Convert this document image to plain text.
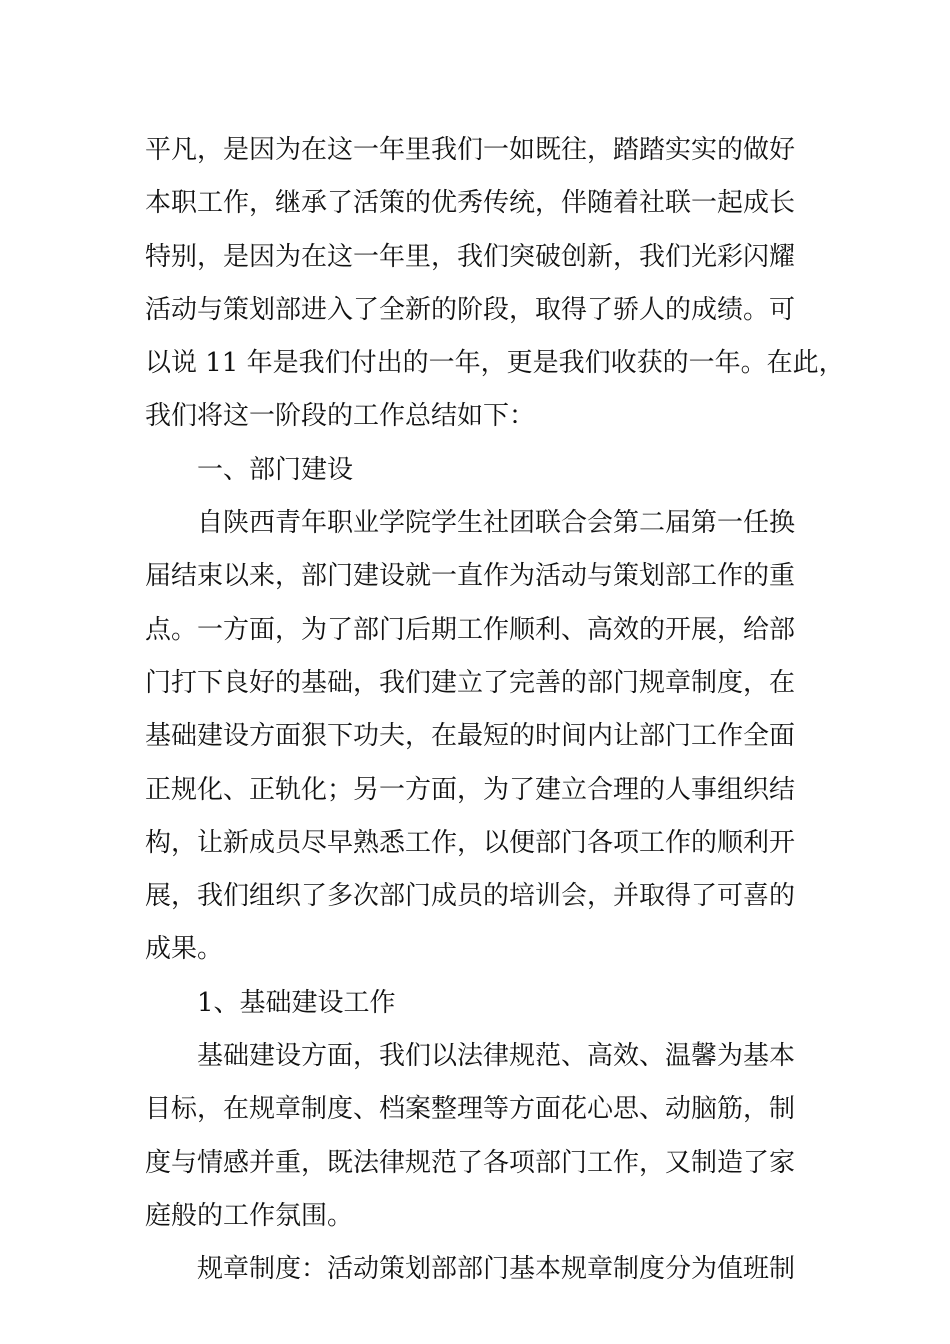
平凡，是因为在这一年里我们一如既往，踏踏实实的做好
本职工作，继承了活策的优秀传统，伴随着社联一起成长
特别，是因为在这一年里，我们突破创新，我们光彩闪耀
活动与策划部进入了全新的阶段，取得了骄人的成绩。可
以说 11 年是我们付出的一年，更是我们收获的一年。在此，
我们将这一阶段的工作总结如下：
一、部门建设
自陕西青年职业学院学生社团联合会第二届第一任换
届结束以来，部门建设就一直作为活动与策划部工作的重
点。一方面，为了部门后期工作顺利、高效的开展，给部
门打下良好的基础，我们建立了完善的部门规章制度，在
基础建设方面狠下功夫，在最短的时间内让部门工作全面
正规化、正轨化；另一方面，为了建立合理的人事组织结
构，让新成员尽早熟悉工作，以便部门各项工作的顺利开
展，我们组织了多次部门成员的培训会，并取得了可喜的
成果。
1、基础建设工作
基础建设方面，我们以法律规范、高效、温馨为基本
目标，在规章制度、档案整理等方面花心思、动脑筋，制
度与情感并重，既法律规范了各项部门工作，又制造了家
庭般的工作氛围。
规章制度：活动策划部部门基本规章制度分为值班制
